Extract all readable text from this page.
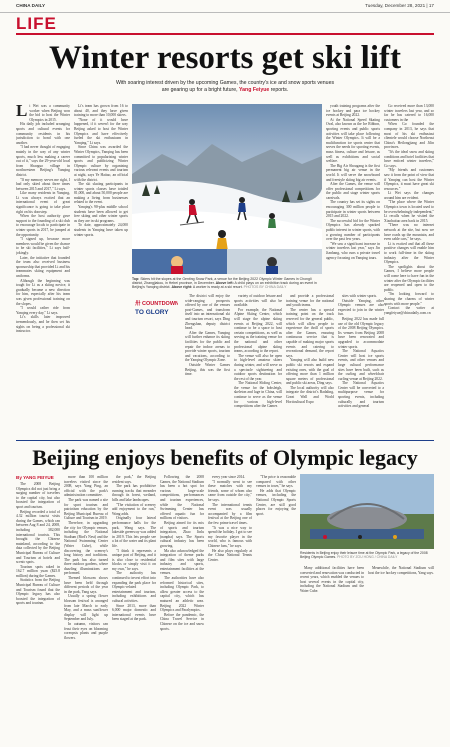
CHINA DAILY	Tuesday, December 28, 2021 | 17
LIFE
Winter resorts get ski lift
With soaring interest driven by the upcoming Games, the country's ice and snow sports venues
are gearing up for a bright future, Yang Feiyue reports.
L i Wei was a community worker when Beijing won the bid to host the Winter Olympics in 2015.

His daily job included arranging sports and cultural events for community residents in his jurisdiction to bond with one another.

"I had never thought of engaging mainly in the way of any winter sports, much less making a career out of it," says the 29-year-old local from Shaoguo village in northwestern Beijing's Yanqing district.

"If my memory serves me right, I had only skied about three times between 2015 and 2017," Li says.

Like many residents in Yanqing, Li was always excited that an international event of great significance is going to take place right on his doorstep.

When the host authority gave support to the founding of a ski club to encourage locals to participate in winter sports in 2017, he jumped at the opportunity.

"I signed up, because more members would be given the chance to be ski facilities," Li says half-jokingly.

Later, the initiative that founded the team also received business sponsorship that provided Li and his teammates skiing equipment and uniforms.

Although the beginning was tough for Li as a skiing novice, it gradually became a new direction for him, especially after his team was given professional training on the slopes.

"I would rather ride from Yanqing every day," Li says.

Li's skills later improved tremendously, and he then set his sights on being a professional ski instructor.

Li's team has grown from 16 to about 40, and they have given training to more than 10,000 skiers.

"None of it would have happened, if it weren't for the way Beijing asked to host the Winter Olympics and have effectively fueled the ski enthusiasm in Yanqing," Li says.

Since China was awarded the Winter Olympics, Yanqing has been committed to popularizing winter sports and publicizing Winter Olympic culture by organizing various relevant events and tourism at night, says Ye Haitao, an official with the district.

The ski skating participants in winter sports classes have totaled 81,000, and about 50,000 people are making a living from businesses related to the event.

Yanqing's 90-plus middle school students have been allowed to get free skiing and other winter sports as they are in ski programs.

To date, approximately 24,000 students in Yanqing have taken up winter sports.

The district will enjoy the wide-ranging prospects offered by one of the venues post-Games, and transform itself into an international ski and tourism resort, says Ding Zhengshan, deputy district head.

After the Games, Yanqing will further enhance its skiing facilities for the public and repair the indoor arenas to provide winter sports, tourism and vacations, according to the Yanqing Olympic Zone.

Outside Winter Games Beijing, this was the first time.

variety of outdoor leisure and sports activities will also be available.

For example, the National Alpine Skiing Center, which will stage the alpine skiing events at Beijing 2022, will continue to be a space to host certain competitions, as well as serving as the training venue for the national and other professional alpine skiing teams, according to the report.

The venue will also be open to high-level amateur skiers during winter, and will serve as a spectacle sightseeing and outdoor sports destination for the rest of the year.

The National Sliding Center, the venue for the bobsleigh, skeleton and luge in China, will continue to serve as the venue for various high-level competitions after the Games

and provide a professional training venue for the national and youth teams.

The center has a special training point on the track reserved for the general public, which will allow people to experience the thrill of sports after the Games, ensuring continuous service that is capable of making major sports events and catering to recreational demand, the report says.

Yanqing will also build new public ski resorts and expand existing ones, with the goal of offering more than 1 million square meters of professional and public ski areas, Ding says.

The local authority will also integrate the district's Badaling, Great Wall and World Horticultural Expo

sites with winter sports.

Outside Yanqing, other Olympic venues are also expected to join in the winter fun.

Beijing 2022 has made full use of the old Olympic legacy of the 2008 Beijing Olympics. Its venues from Beijing 2008 have been renovated and upgraded to accommodate winter sports.

The National Aquatics Center will host ice sports events, and other venues and large cultural performance sites have been built, such as the curling and wheelchair curling venue at Beijing 2022.

The National Aquatics Center will be converted to a multipurpose venue for sporting events, including culturally and tourism activities and general

youth training programs after the ice hockey and para ice hockey events at Beijing 2022.

At the National Speed Skating Oval, also known as the Ice Ribbon, sporting events and public sports activities will take place following the Winter Olympics. It will be a multifunction ice sports center that serves the needs for sporting events, mass fitness, culture and leisure, as well as exhibitions and social welfare.

The Big Air Shougang is the first permanent big air venue in the world. It will serve the snowboard and freestyle skiing big air events.

After the Games, the venue will offer professional competitions for the public and stage winter sports carnivals.

The country has set its sights on encouraging 300 million people to participate in winter sports between 2015 and 2022.

The successful bid for the Winter Olympics has already sparked public interest in winter sports, with a growing number of participants over the past few years.

"We saw a significant increase in winter travelers last year," says Jin Jianhang, who runs a private travel agency focusing on Yanqing tours.

Go received more than 13,000 winter travelers last year, and so far he has catered to 16,000 customers in the

When Go founded the company in 2013, he says that most of his ski enthusiast clientele would choose Northeast China's Heilongjiang and Jilin provinces.

"It's the ideal snow and skiing conditions and hotel facilities that have enticed winter travelers," Go says.

"My friends and customers saw it from the point of view that if Yanqing can host the Winter Olympics, it must have great ski resources."

Li Wei says the changes around him are evident.

"The place where the Winter Olympics town is located used to be overwhelmingly independent," Li recalls when he visited the Xiaohaituo area back in 2015.

"There was no internet network at the site, but now we have roads up the mountain, and even cable cars," he says.

Li is excited and that all these positive changes will enable him to work full-time in the skiing industry after the Winter Olympics.

The spotlights about the Games, I believe more people will come here to have fun in the winter after the Olympic facilities are reopened and open to the public.

"I'm looking forward to sharing the charms of winter sports with more people."

Contact the writer at yangfeiyue@chinadaily.com.cn

Top: Skiers hit the slopes at the Genting Snow Park, a venue for the Beijing 2022 Olympic Winter Games in Chongli district, Zhangjiakou, in Hebei province, in December. Above left: A child plays on an exhibition track during an event in Beijing's Yanqing district. Above right: A worker is ready at a ski resort. PHOTOS BY CHINA DAILY
卅 COUNTDOWN
TO GLORY
Beijing enjoys benefits of Olympic legacy
By YANG FEIYUE

The 2008 Beijing Olympics did not just bring a surging number of travelers to the capital city, but also boosted the integration of sport and tourism.

Beijing recorded a total of 4.32 million tourist visits during the Games, which ran between Aug 8 and 24, 2008, including 382,000 international tourists. This brought the Chinese mainland, according to the data collected by the Beijing Municipal Bureau of Culture and Tourism at hotels and scenic spots.

Tourism spots raked in 162.7 million yuan ($25.8 million) during the Games.

Statistics from the Beijing Municipal Bureau of Culture and Tourism found that the Olympic legacy has also boosted the integration of sports and tourism.

more than 100 million travelers visited since the 2008, says Yang Ping, an official with the park's administration committee.

The park was named a site for sport tourism and patriotism education by the Beijing Municipal Bureau of Culture and Tourism in 2019.

Therefore, in upgrading the city for Olympic venues, including the National Stadium (Bird's Nest) and the National Swimming Center (Water Cube), while discovering the scenery's long history and traditions. The park has also turned three outdoor gardens, where dazzling illuminations are performed.

Themed blossom shows have been held through different periods of the year in the park, Yang says.

Usually a spring flower blossom festival is arranged from late March to early May, and a mass sunflower display will light up September and July.

In autumn, visitors can feast their eyes on blooming coreopsis plants and purple flowers.

the park," the Beijing resident says.

The park has prohibitive running tracks that meander through its forest, wetland, hills and lake landscapes.

"The visitation of scenery add enjoyment to the run," Wang adds.

Originally four lateral performance halls for the park, Wang says. The lakeside greenway was added in 2019. This lets people see a lot of the water and its plant life.

"I think it represents a unique part of Beijing, and it is also close to residential blocks or simply visit it on my own," he says.

The authority has continued to invest effort into expanding the park place for Olympic-related entertainment and tourism, including exhibitions and cultural activities.

Since 2013, more than 6,000 major domestic and international events have been staged at the park.

Following the 2008 Games, the National Stadium has been a hot spot for various large-scale competitions, performances and tourism experiences, while the National Swimming Center has offered aquatic fun for millions of visitors.

Beijing aimed for its mix of sports and tourism integration, Zhao Jinlu (nanpha) says. The Sports cultural industry has been growing.

Ma also acknowledged the integration of theme parks and film sites with large industry and sports, entertainment facilities at the venues.

The authorities have also reformed historical sites, including Olympic Park, to allow greater access to the capital city, which has matured an athletic area. Beijing 2022 Winter Olympics and Paralympics.

Before the pandemic, the China Travel Service in Chinese on the ice and snow sports.

every year since 2014.

"I normally went to see these matches with my friends, some of whom also came from outside the city," he says.

The international tennis event was usually accompanied by a film festival at the Beijing one of the few prime travel times.

"It was a nice way to spend the holiday. I got to see my favorite player in the world, who is famous with Chinese fans," he says.

He also plays regularly at the China National Tennis Center.

Many additional facilities have been converted and renovation was conducted in recent years, which enabled the venues to host several events in the capital city, including the National Stadium and the Water Cube.

"The price is reasonable compared with other venues in town," he says.

He adds that Olympic venues, including the National Olympic Sports Center, are still good places for enjoying the sport.

Meanwhile, the National Stadium will host the ice hockey competitions, Yang says.

Residents in Beijing enjoy their leisure time at the Olympic Park, a legacy of the 2008 Beijing Olympic Games. PHOTO BY ZOU HONG / CHINA DAILY
